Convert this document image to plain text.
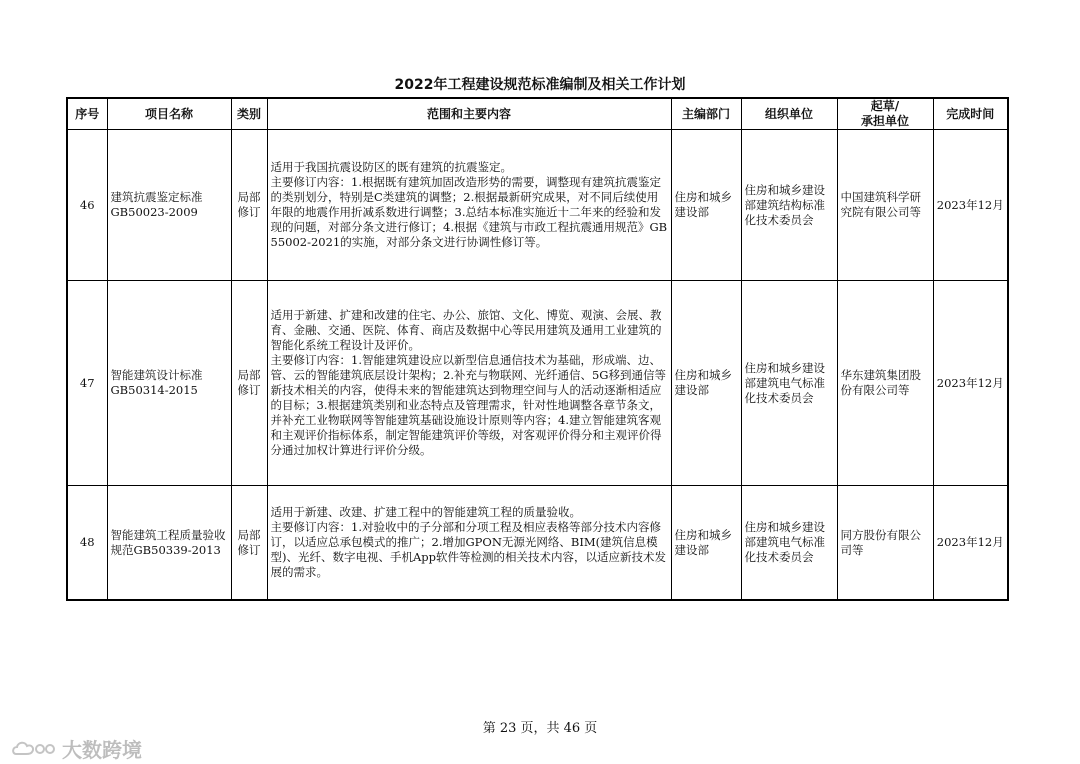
2022年工程建设规范标准编制及相关工作计划
序号	项目名称	类别	范围和主要内容	主编部门	组织单位	起草/
承担单位	完成时间
46	建筑抗震鉴定标准GB50023-2009	局部修订	适用于我国抗震设防区的既有建筑的抗震鉴定。
主要修订内容：1.根据既有建筑加固改造形势的需要，调整现有建筑抗震鉴定的类别划分，特别是C类建筑的调整；2.根据最新研究成果，对不同后续使用年限的地震作用折减系数进行调整；3.总结本标准实施近十二年来的经验和发现的问题，对部分条文进行修订；4.根据《建筑与市政工程抗震通用规范》GB 55002-2021的实施，对部分条文进行协调性修订等。	住房和城乡建设部	住房和城乡建设部建筑结构标准化技术委员会	中国建筑科学研究院有限公司等	2023年12月
47	智能建筑设计标准GB50314-2015	局部修订	适用于新建、扩建和改建的住宅、办公、旅馆、文化、博览、观演、会展、教育、金融、交通、医院、体育、商店及数据中心等民用建筑及通用工业建筑的智能化系统工程设计及评价。
主要修订内容：1.智能建筑建设应以新型信息通信技术为基础，形成端、边、管、云的智能建筑底层设计架构；2.补充与物联网、光纤通信、5G移到通信等新技术相关的内容，使得未来的智能建筑达到物理空间与人的活动逐渐相适应的目标；3.根据建筑类别和业态特点及管理需求，针对性地调整各章节条文，并补充工业物联网等智能建筑基础设施设计原则等内容；4.建立智能建筑客观和主观评价指标体系，制定智能建筑评价等级，对客观评价得分和主观评价得分通过加权计算进行评价分级。	住房和城乡建设部	住房和城乡建设部建筑电气标准化技术委员会	华东建筑集团股份有限公司等	2023年12月
48	智能建筑工程质量验收规范GB50339-2013	局部修订	适用于新建、改建、扩建工程中的智能建筑工程的质量验收。
主要修订内容：1.对验收中的子分部和分项工程及相应表格等部分技术内容修订，以适应总承包模式的推广；2.增加GPON无源光网络、BIM(建筑信息模型)、光纤、数字电视、手机App软件等检测的相关技术内容，以适应新技术发展的需求。	住房和城乡建设部	住房和城乡建设部建筑电气标准化技术委员会	同方股份有限公司等	2023年12月
第 23 页，共 46 页
大数跨境
